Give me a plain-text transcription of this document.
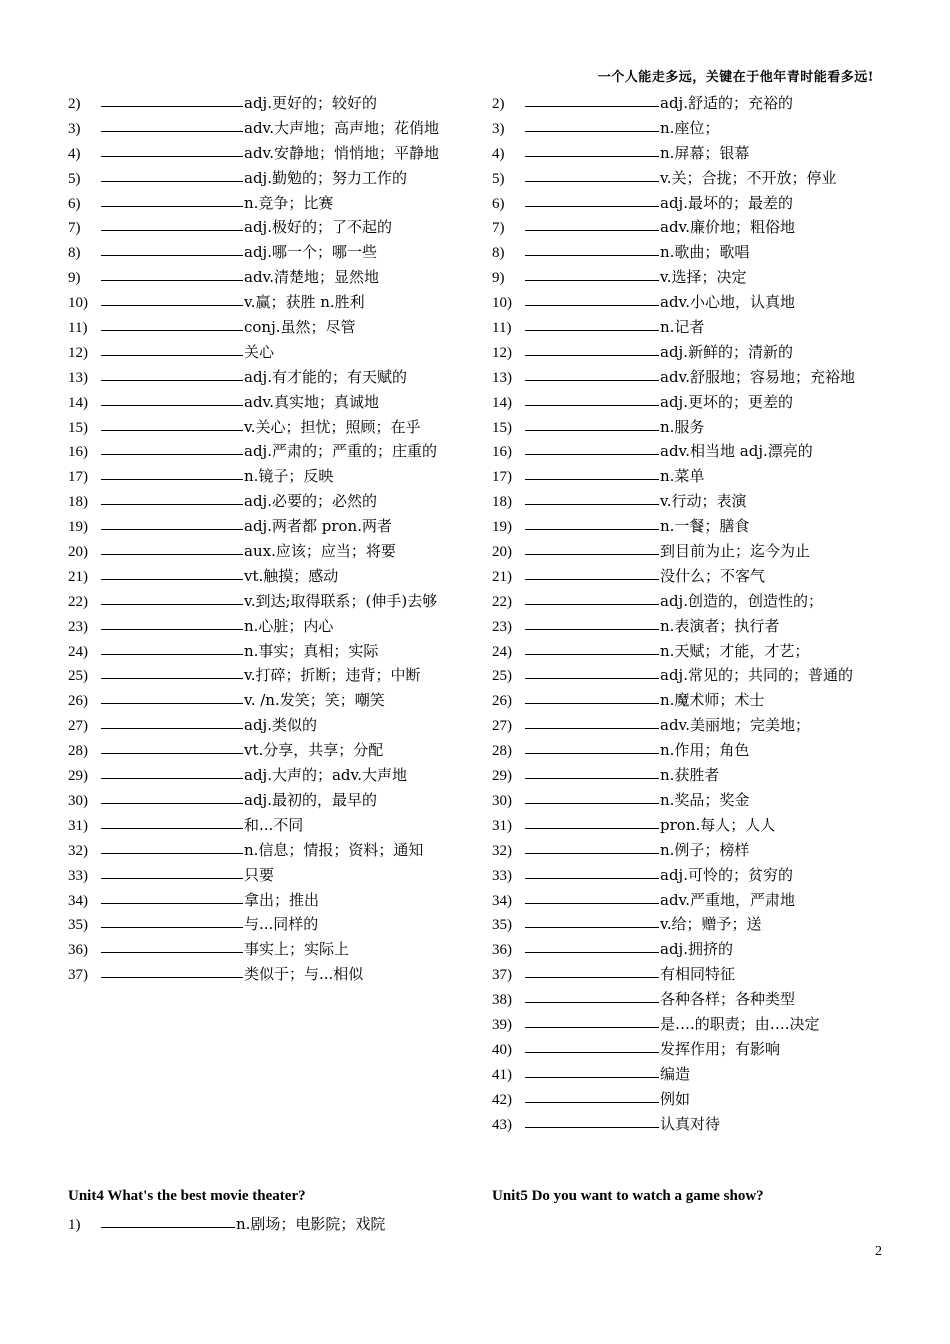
一个人能走多远，关键在于他年青时能看多远!
2)	adj.更好的；较好的
3)	adv.大声地；高声地；花俏地
4)	adv.安静地；悄悄地；平静地
5)	adj.勤勉的；努力工作的
6)	n.竞争；比赛
7)	adj.极好的；了不起的
8)	adj.哪一个；哪一些
9)	adv.清楚地；显然地
10)	v.赢；获胜 n.胜利
11)	conj.虽然；尽管
12)	关心
13)	adj.有才能的；有天赋的
14)	adv.真实地；真诚地
15)	v.关心；担忧；照顾；在乎
16)	adj.严肃的；严重的；庄重的
17)	n.镜子；反映
18)	adj.必要的；必然的
19)	adj.两者都 pron.两者
20)	aux.应该；应当；将要
21)	vt.触摸；感动
22)	v.到达;取得联系；(伸手)去够
23)	n.心脏；内心
24)	n.事实；真相；实际
25)	v.打碎；折断；违背；中断
26)	v. /n.发笑；笑；嘲笑
27)	adj.类似的
28)	vt.分享，共享；分配
29)	adj.大声的；adv.大声地
30)	adj.最初的，最早的
31)	和...不同
32)	n.信息；情报；资料；通知
33)	只要
34)	拿出；推出
35)	与...同样的
36)	事实上；实际上
37)	类似于；与...相似
2)	adj.舒适的；充裕的
3)	n.座位；
4)	n.屏幕；银幕
5)	v.关；合拢；不开放；停业
6)	adj.最坏的；最差的
7)	adv.廉价地；粗俗地
8)	n.歌曲；歌唱
9)	v.选择；决定
10)	adv.小心地，认真地
11)	n.记者
12)	adj.新鲜的；清新的
13)	adv.舒服地；容易地；充裕地
14)	adj.更坏的；更差的
15)	n.服务
16)	adv.相当地 adj.漂亮的
17)	n.菜单
18)	v.行动；表演
19)	n.一餐；膳食
20)	到目前为止；迄今为止
21)	没什么；不客气
22)	adj.创造的，创造性的；
23)	n.表演者；执行者
24)	n.天赋；才能，才艺；
25)	adj.常见的；共同的；普通的
26)	n.魔术师；术士
27)	adv.美丽地；完美地；
28)	n.作用；角色
29)	n.获胜者
30)	n.奖品；奖金
31)	pron.每人；人人
32)	n.例子；榜样
33)	adj.可怜的；贫穷的
34)	adv.严重地，严肃地
35)	v.给；赠予；送
36)	adj.拥挤的
37)	有相同特征
38)	各种各样；各种类型
39)	是….的职责；由….决定
40)	发挥作用；有影响
41)	编造
42)	例如
43)	认真对待
Unit4 What's the best movie theater?	Unit5 Do you want to watch a game show?
1)	n.剧场；电影院；戏院
2
